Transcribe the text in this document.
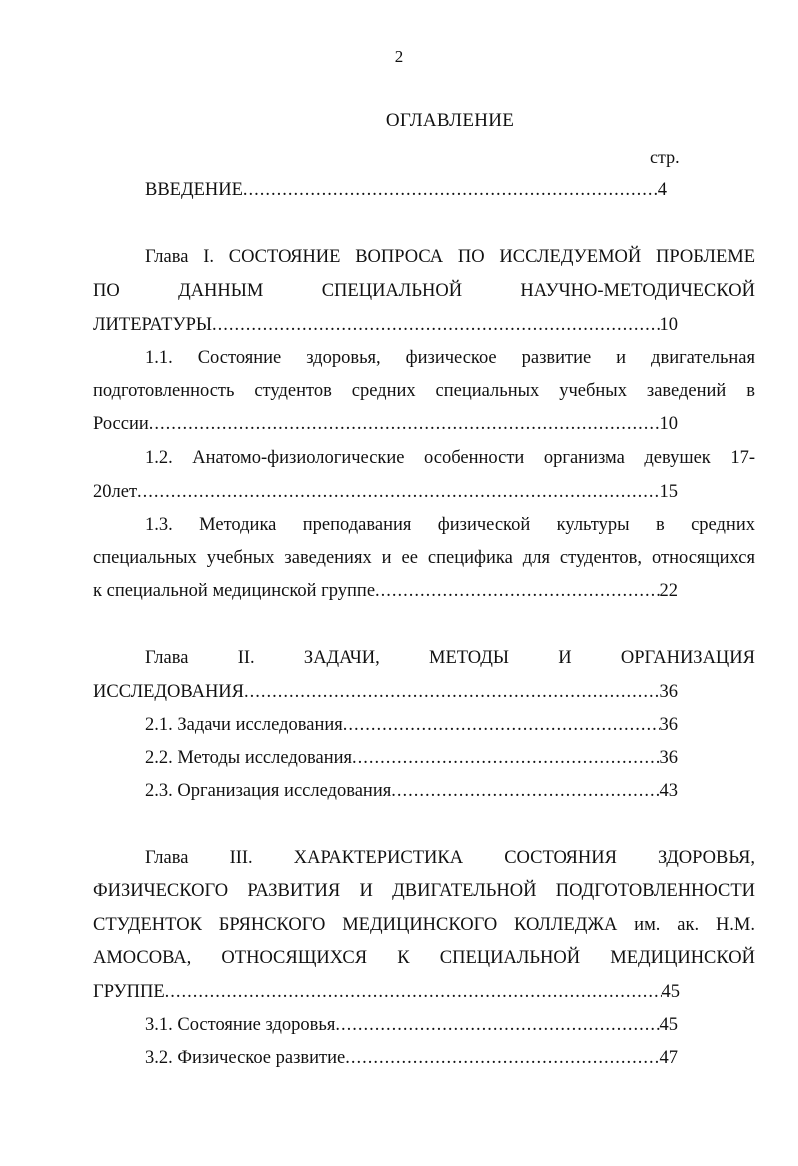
2
ОГЛАВЛЕНИЕ
стр.
ВВЕДЕНИЕ .....	4
Глава I. СОСТОЯНИЕ ВОПРОСА ПО ИССЛЕДУЕМОЙ ПРОБЛЕМЕ
ПО ДАННЫМ СПЕЦИАЛЬНОЙ НАУЧНО-МЕТОДИЧЕСКОЙ
ЛИТЕРАТУРЫ .....	10
1.1. Состояние здоровья, физическое развитие и двигательная
подготовленность студентов средних специальных учебных заведений в
России .....	10
1.2. Анатомо-физиологические особенности организма девушек 17-
20лет .....	15
1.3. Методика преподавания физической культуры в средних
специальных учебных заведениях и ее специфика для студентов, относящихся
к специальной медицинской группе .....	22
Глава II. ЗАДАЧИ, МЕТОДЫ И ОРГАНИЗАЦИЯ
ИССЛЕДОВАНИЯ .....	36
2.1. Задачи исследования .....	36
2.2. Методы исследования .....	36
2.3. Организация исследования .....	43
Глава III. ХАРАКТЕРИСТИКА СОСТОЯНИЯ ЗДОРОВЬЯ,
ФИЗИЧЕСКОГО РАЗВИТИЯ И ДВИГАТЕЛЬНОЙ ПОДГОТОВЛЕННОСТИ
СТУДЕНТОК БРЯНСКОГО МЕДИЦИНСКОГО КОЛЛЕДЖА им. ак. Н.М.
АМОСОВА, ОТНОСЯЩИХСЯ К СПЕЦИАЛЬНОЙ МЕДИЦИНСКОЙ
ГРУППЕ .....	45
3.1. Состояние здоровья .....	45
3.2. Физическое развитие .....	47
